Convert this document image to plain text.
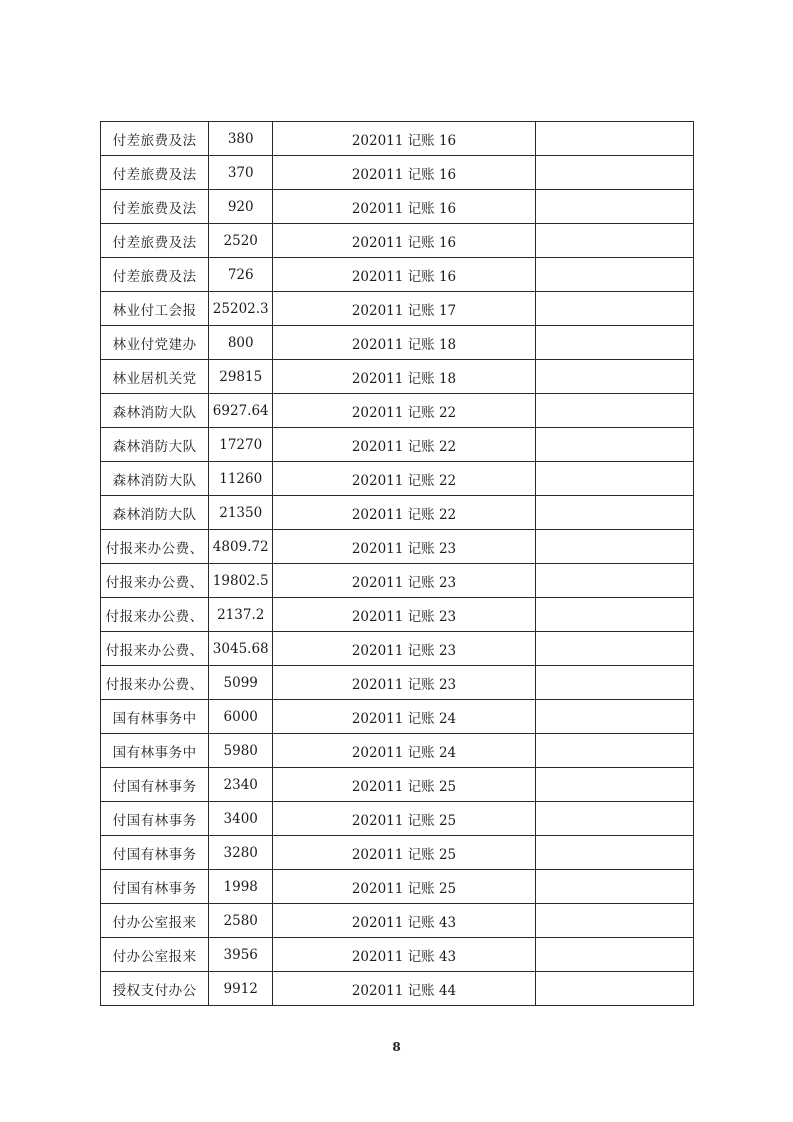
付差旅费及法	380	202011 记账 16	
付差旅费及法	370	202011 记账 16	
付差旅费及法	920	202011 记账 16	
付差旅费及法	2520	202011 记账 16	
付差旅费及法	726	202011 记账 16	
林业付工会报	25202.3	202011 记账 17	
林业付党建办	800	202011 记账 18	
林业居机关党	29815	202011 记账 18	
森林消防大队	6927.64	202011 记账 22	
森林消防大队	17270	202011 记账 22	
森林消防大队	11260	202011 记账 22	
森林消防大队	21350	202011 记账 22	
付报来办公费、	4809.72	202011 记账 23	
付报来办公费、	19802.5	202011 记账 23	
付报来办公费、	2137.2	202011 记账 23	
付报来办公费、	3045.68	202011 记账 23	
付报来办公费、	5099	202011 记账 23	
国有林事务中	6000	202011 记账 24	
国有林事务中	5980	202011 记账 24	
付国有林事务	2340	202011 记账 25	
付国有林事务	3400	202011 记账 25	
付国有林事务	3280	202011 记账 25	
付国有林事务	1998	202011 记账 25	
付办公室报来	2580	202011 记账 43	
付办公室报来	3956	202011 记账 43	
授权支付办公	9912	202011 记账 44	
8
